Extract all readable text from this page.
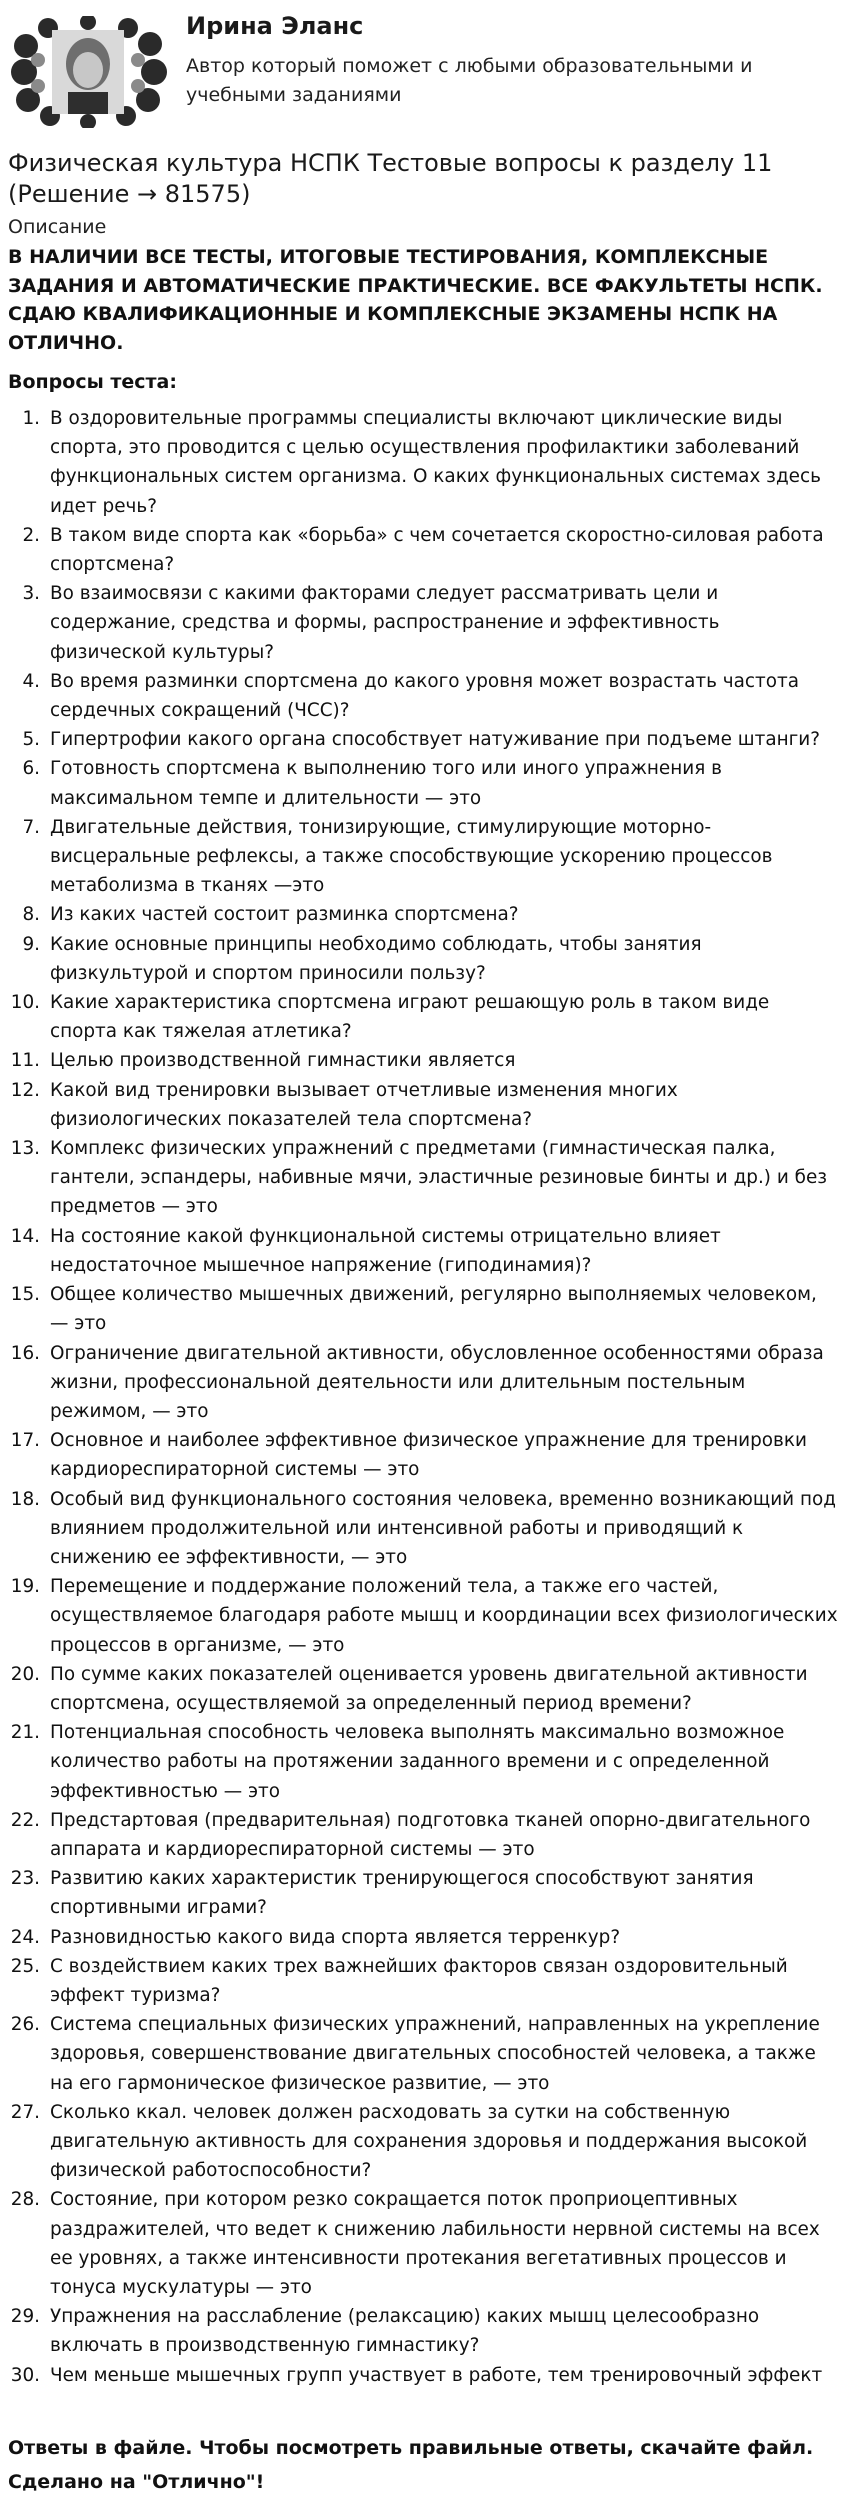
Ирина Эланс
Автор который поможет с любыми образовательными и учебными заданиями
Физическая культура НСПК Тестовые вопросы к разделу 11 (Решение → 81575)
Описание
В НАЛИЧИИ ВСЕ ТЕСТЫ, ИТОГОВЫЕ ТЕСТИРОВАНИЯ, КОМПЛЕКСНЫЕ ЗАДАНИЯ И АВТОМАТИЧЕСКИЕ ПРАКТИЧЕСКИЕ. ВСЕ ФАКУЛЬТЕТЫ НСПК. СДАЮ КВАЛИФИКАЦИОННЫЕ И КОМПЛЕКСНЫЕ ЭКЗАМЕНЫ НСПК НА ОТЛИЧНО.
Вопросы теста:
1. В оздоровительные программы специалисты включают циклические виды спорта, это проводится с целью осуществления профилактики заболеваний функциональных систем организма. О каких функциональных системах здесь идет речь?
2. В таком виде спорта как «борьба» с чем сочетается скоростно-силовая работа спортсмена?
3. Во взаимосвязи с какими факторами следует рассматривать цели и содержание, средства и формы, распространение и эффективность физической культуры?
4. Во время разминки спортсмена до какого уровня может возрастать частота сердечных сокращений (ЧСС)?
5. Гипертрофии какого органа способствует натуживание при подъеме штанги?
6. Готовность спортсмена к выполнению того или иного упражнения в максимальном темпе и длительности — это
7. Двигательные действия, тонизирующие, стимулирующие моторно-висцеральные рефлексы, а также способствующие ускорению процессов метаболизма в тканях —это
8. Из каких частей состоит разминка спортсмена?
9. Какие основные принципы необходимо соблюдать, чтобы занятия физкультурой и спортом приносили пользу?
10. Какие характеристика спортсмена играют решающую роль в таком виде спорта как тяжелая атлетика?
11. Целью производственной гимнастики является
12. Какой вид тренировки вызывает отчетливые изменения многих физиологических показателей тела спортсмена?
13. Комплекс физических упражнений с предметами (гимнастическая палка, гантели, эспандеры, набивные мячи, эластичные резиновые бинты и др.) и без предметов — это
14. На состояние какой функциональной системы отрицательно влияет недостаточное мышечное напряжение (гиподинамия)?
15. Общее количество мышечных движений, регулярно выполняемых человеком, — это
16. Ограничение двигательной активности, обусловленное особенностями образа жизни, профессиональной деятельности или длительным постельным режимом, — это
17. Основное и наиболее эффективное физическое упражнение для тренировки кардиореспираторной системы — это
18. Особый вид функционального состояния человека, временно возникающий под влиянием продолжительной или интенсивной работы и приводящий к снижению ее эффективности, — это
19. Перемещение и поддержание положений тела, а также его частей, осуществляемое благодаря работе мышц и координации всех физиологических процессов в организме, — это
20. По сумме каких показателей оценивается уровень двигательной активности спортсмена, осуществляемой за определенный период времени?
21. Потенциальная способность человека выполнять максимально возможное количество работы на протяжении заданного времени и с определенной эффективностью — это
22. Предстартовая (предварительная) подготовка тканей опорно-двигательного аппарата и кардиореспираторной системы — это
23. Развитию каких характеристик тренирующегося способствуют занятия спортивными играми?
24. Разновидностью какого вида спорта является терренкур?
25. С воздействием каких трех важнейших факторов связан оздоровительный эффект туризма?
26. Система специальных физических упражнений, направленных на укрепление здоровья, совершенствование двигательных способностей человека, а также на его гармоническое физическое развитие, — это
27. Сколько ккал. человек должен расходовать за сутки на собственную двигательную активность для сохранения здоровья и поддержания высокой физической работоспособности?
28. Состояние, при котором резко сокращается поток проприоцептивных раздражителей, что ведет к снижению лабильности нервной системы на всех ее уровнях, а также интенсивности протекания вегетативных процессов и тонуса мускулатуры — это
29. Упражнения на расслабление (релаксацию) каких мышц целесообразно включать в производственную гимнастику?
30. Чем меньше мышечных групп участвует в работе, тем тренировочный эффект
Ответы в файле. Чтобы посмотреть правильные ответы, скачайте файл.
Сделано на "Отлично"!
